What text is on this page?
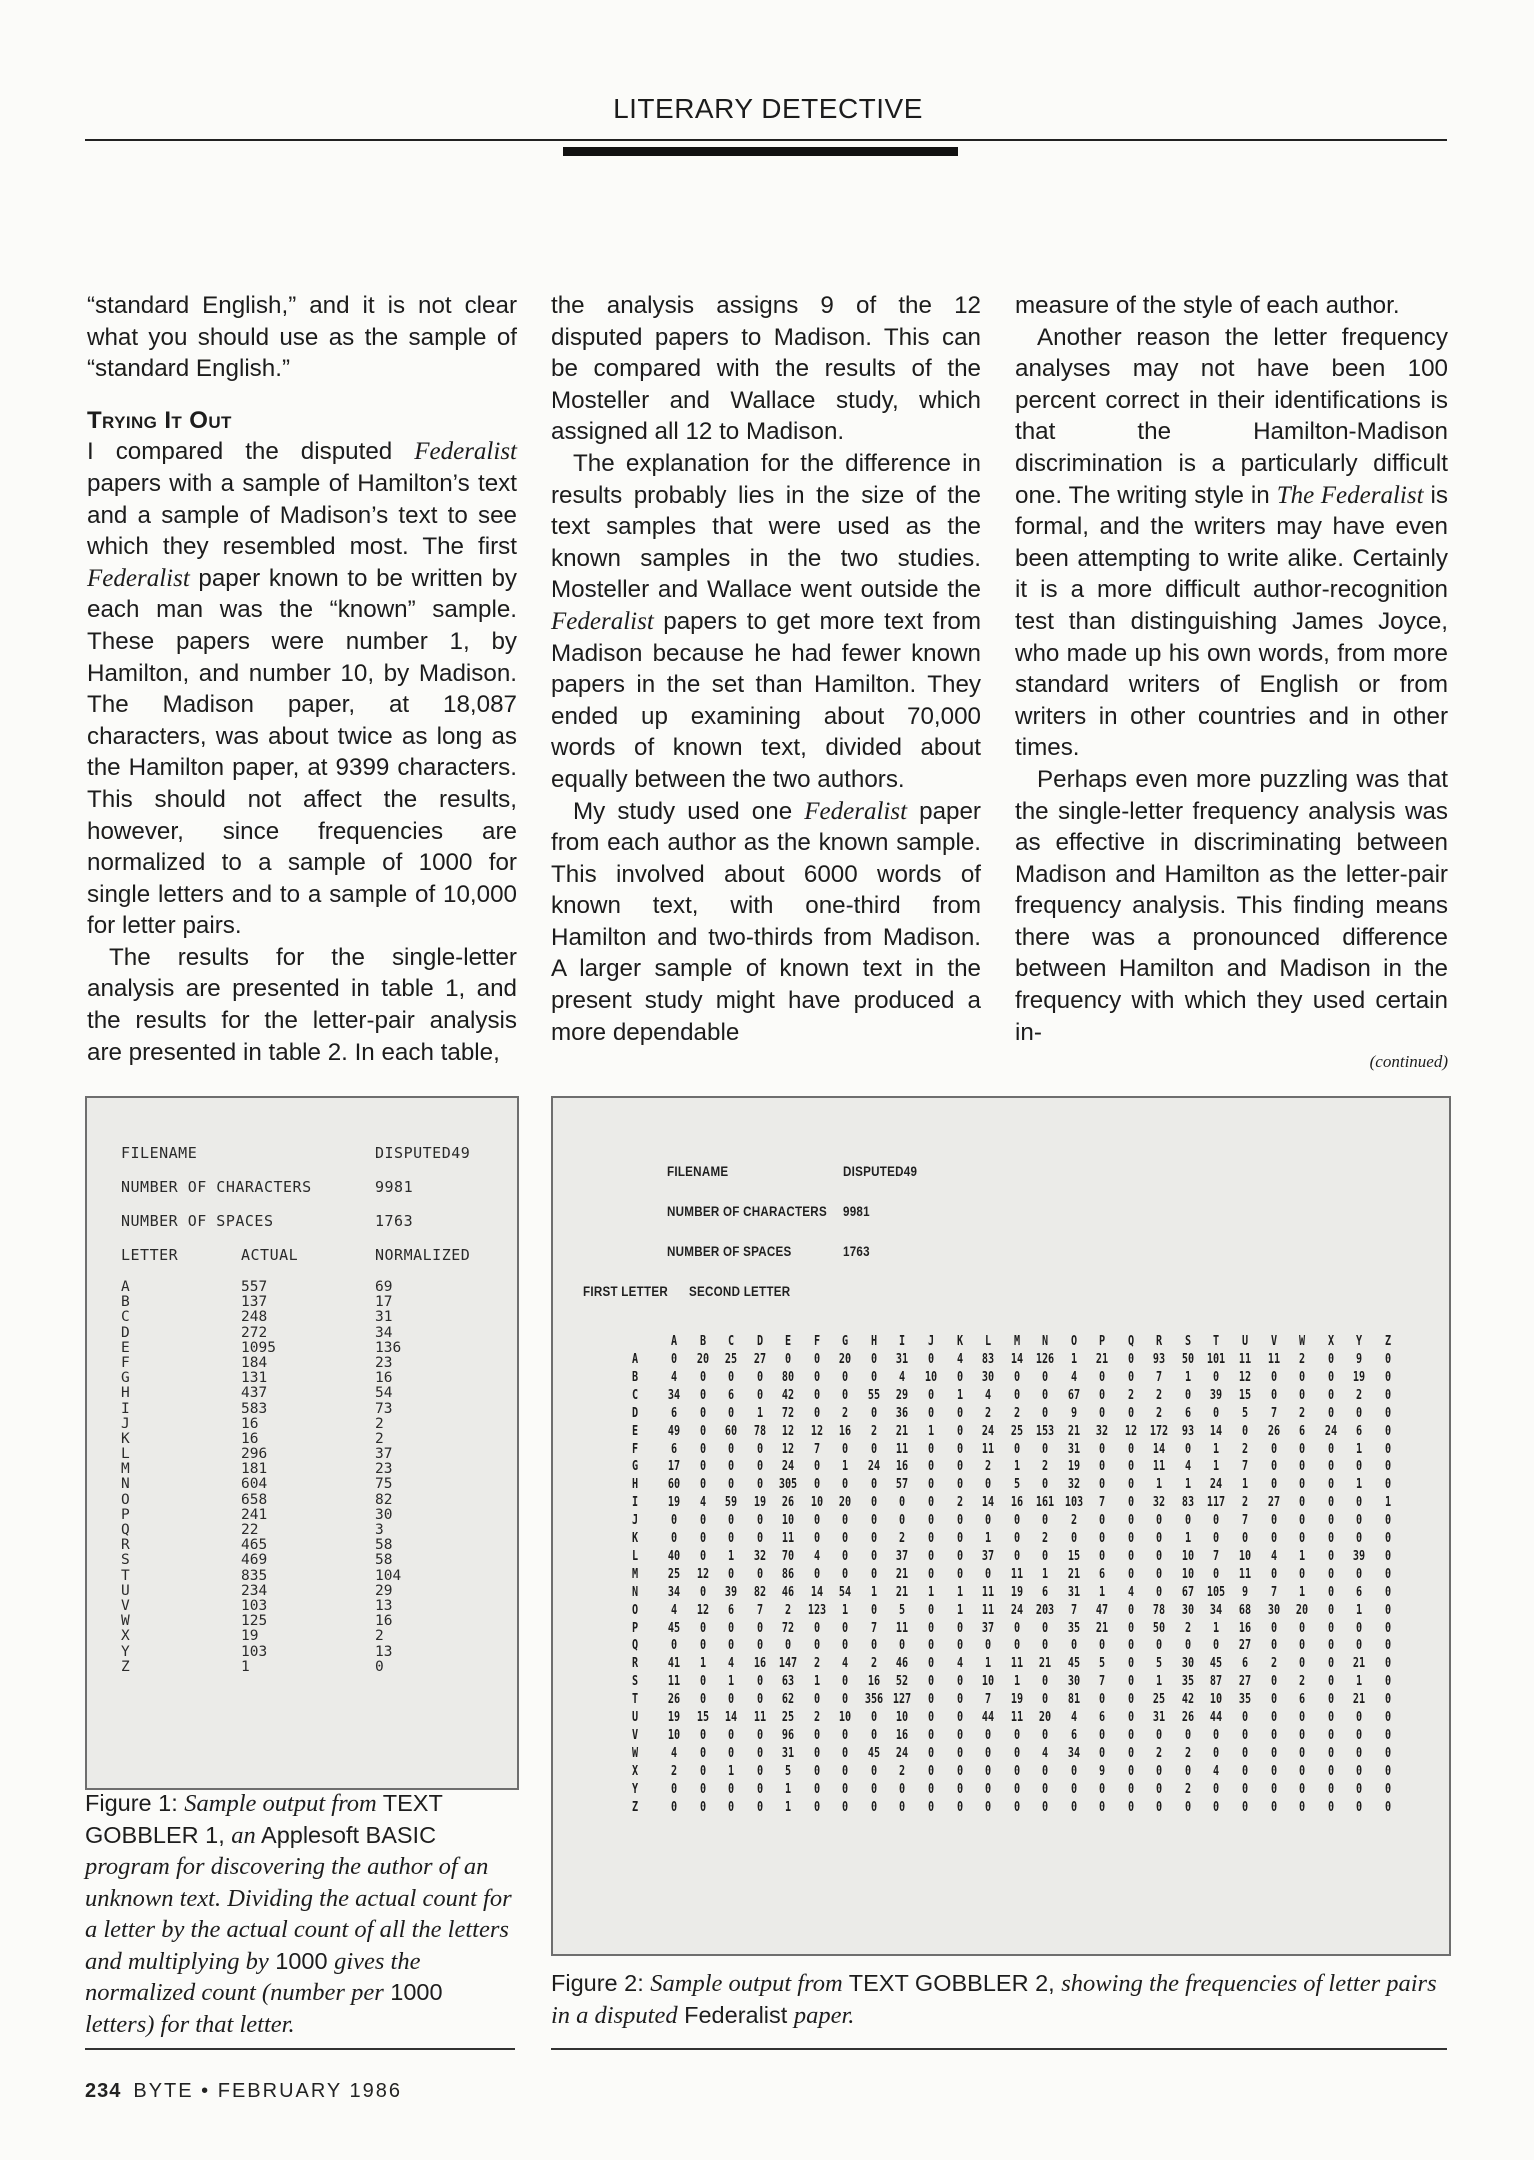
LITERARY DETECTIVE

“standard English,” and it is not clear what you should use as the sample of “standard English.”

Trying It Out

I compared the disputed Federalist papers with a sample of Hamilton’s text and a sample of Madison’s text to see which they resembled most. The first Federalist paper known to be written by each man was the “known” sample. These papers were number 1, by Hamilton, and number 10, by Madison. The Madison paper, at 18,087 characters, was about twice as long as the Hamilton paper, at 9399 characters. This should not affect the results, however, since frequencies are normalized to a sample of 1000 for single letters and to a sample of 10,000 for letter pairs.

The results for the single-letter analysis are presented in table 1, and the results for the letter-pair analysis are presented in table 2. In each table,

the analysis assigns 9 of the 12 disputed papers to Madison. This can be compared with the results of the Mosteller and Wallace study, which assigned all 12 to Madison.

The explanation for the difference in results probably lies in the size of the text samples that were used as the known samples in the two studies. Mosteller and Wallace went outside the Federalist papers to get more text from Madison because he had fewer known papers in the set than Hamilton. They ended up examining about 70,000 words of known text, divided about equally between the two authors.

My study used one Federalist paper from each author as the known sample. This involved about 6000 words of known text, with one-third from Hamilton and two-thirds from Madison. A larger sample of known text in the present study might have produced a more dependable

measure of the style of each author.

Another reason the letter frequency analyses may not have been 100 percent correct in their identifications is that the Hamilton-Madison discrimination is a particularly difficult one. The writing style in The Federalist is formal, and the writers may have even been attempting to write alike. Certainly it is a more difficult author-recognition test than distinguishing James Joyce, who made up his own words, from more standard writers of English or from writers in other countries and in other times.

Perhaps even more puzzling was that the single-letter frequency analysis was as effective in discriminating between Madison and Hamilton as the letter-pair frequency analysis. This finding means there was a pronounced difference between Hamilton and Madison in the frequency with which they used certain in-

(continued)
FILENAME	DISPUTED49
NUMBER OF CHARACTERS	9981
NUMBER OF SPACES	1763
LETTER	ACTUAL	NORMALIZED
A	557	69
B	137	17
C	248	31
D	272	34
E	1095	136
F	184	23
G	131	16
H	437	54
I	583	73
J	16	2
K	16	2
L	296	37
M	181	23
N	604	75
O	658	82
P	241	30
Q	22	3
R	465	58
S	469	58
T	835	104
U	234	29
V	103	13
W	125	16
X	19	2
Y	103	13
Z	1	0
Figure 1: Sample output from TEXT GOBBLER 1, an Applesoft BASIC program for discovering the author of an unknown text. Dividing the actual count for a letter by the actual count of all the letters and multiplying by 1000 gives the normalized count (number per 1000 letters) for that letter.
FILENAME	DISPUTED49
NUMBER OF CHARACTERS 9981
NUMBER OF SPACES	1763
FIRST LETTER SECOND LETTER
A	B	C	D	E	F	G	H	I	J	K	L	M	N	O	P	Q	R	S	T	U	V	W	X	Y	Z
A	0	20	25	27	0	0	20	0	31	0	4	83	14	126	1	21	0	93	50	101	11	11	2	0	9	0
B	4	0	0	0	80	0	0	0	4	10	0	30	0	0	4	0	0	7	1	0	12	0	0	0	19	0
C	34	0	6	0	42	0	0	55	29	0	1	4	0	0	67	0	2	2	0	39	15	0	0	0	2	0
D	6	0	0	1	72	0	2	0	36	0	0	2	2	0	9	0	0	2	6	0	5	7	2	0	0	0
E	49	0	60	78	12	12	16	2	21	1	0	24	25	153	21	32	12	172	93	14	0	26	6	24	6	0
F	6	0	0	0	12	7	0	0	11	0	0	11	0	0	31	0	0	14	0	1	2	0	0	0	1	0
G	17	0	0	0	24	0	1	24	16	0	0	2	1	2	19	0	0	11	4	1	7	0	0	0	0	0
H	60	0	0	0	305	0	0	0	57	0	0	0	5	0	32	0	0	1	1	24	1	0	0	0	1	0
I	19	4	59	19	26	10	20	0	0	0	2	14	16	161 103	7	0	32	83	117	2	27	0	0	0	1
J	0	0	0	0	10	0	0	0	0	0	0	0	0	0	2	0	0	0	0	0	7	0	0	0	0	0
K	0	0	0	0	11	0	0	0	2	0	0	1	0	2	0	0	0	0	1	0	0	0	0	0	0	0
L	40	0	1	32	70	4	0	0	37	0	0	37	0	0	15	0	0	0	10	7	10	4	1	0	39	0
M	25	12	0	0	86	0	0	0	21	0	0	0	11	1	21	6	0	0	10	0	11	0	0	0	0	0
N	34	0	39	82	46	14	54	1	21	1	1	11	19	6	31	1	4	0	67	105	9	7	1	0	6	0
O	4	12	6	7	2	123	1	0	5	0	1	11	24	203	7	47	0	78	30	34	68	30	20	0	1	0
P	45	0	0	0	72	0	0	7	11	0	0	37	0	0	35	21	0	50	2	1	16	0	0	0	0	0
Q	0	0	0	0	0	0	0	0	0	0	0	0	0	0	0	0	0	0	0	0	27	0	0	0	0	0
R	41	1	4	16	147	2	4	2	46	0	4	1	11	21	45	5	0	5	30	45	6	2	0	0	21	0
S	11	0	1	0	63	1	0	16	52	0	0	10	1	0	30	7	0	1	35	87	27	0	2	0	1	0
T	26	0	0	0	62	0	0	356 127	0	0	7	19	0	81	0	0	25	42	10	35	0	6	0	21	0
U	19	15	14	11	25	2	10	0	10	0	0	44	11	20	4	6	0	31	26	44	0	0	0	0	0	0
V	10	0	0	0	96	0	0	0	16	0	0	0	0	0	6	0	0	0	0	0	0	0	0	0	0	0
W	4	0	0	0	31	0	0	45	24	0	0	0	0	4	34	0	0	2	2	0	0	0	0	0	0	0
X	2	0	1	0	5	0	0	0	2	0	0	0	0	0	0	9	0	0	0	4	0	0	0	0	0	0
Y	0	0	0	0	1	0	0	0	0	0	0	0	0	0	0	0	0	0	2	0	0	0	0	0	0	0
Z	0	0	0	0	1	0	0	0	0	0	0	0	0	0	0	0	0	0	0	0	0	0	0	0	0	0
Figure 2: Sample output from TEXT GOBBLER 2, showing the frequencies of letter pairs in a disputed Federalist paper.
234 BYTE • FEBRUARY 1986
